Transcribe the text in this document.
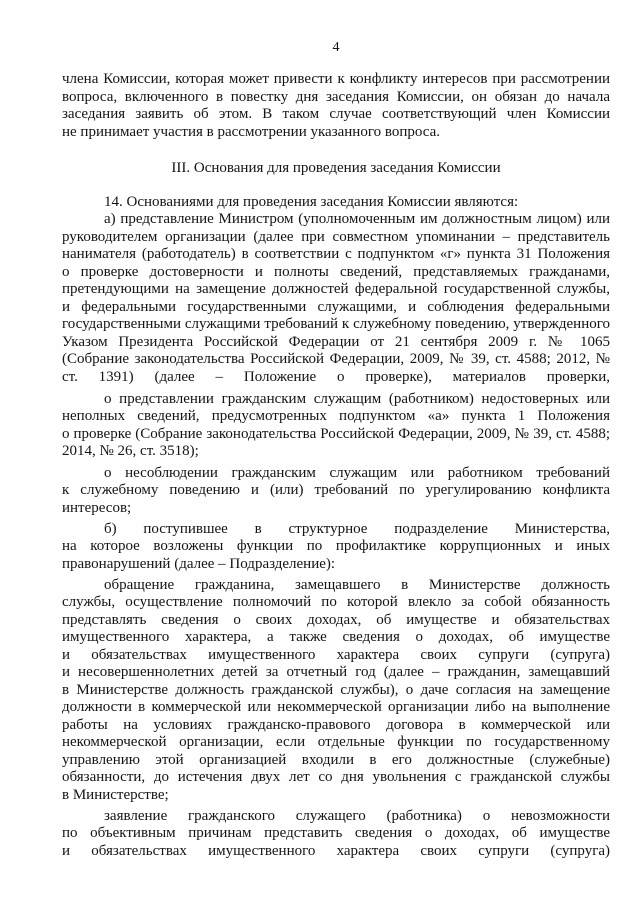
4
члена Комиссии, которая может привести к конфликту интересов при рассмотрении
вопроса, включенного в повестку дня заседания Комиссии, он обязан до начала
заседания заявить об этом. В таком случае соответствующий член Комиссии
не принимает участия в рассмотрении указанного вопроса.
III. Основания для проведения заседания Комиссии
14. Основаниями для проведения заседания Комиссии являются:
а) представление Министром (уполномоченным им должностным лицом) или
руководителем организации (далее при совместном упоминании – представитель
нанимателя (работодатель) в соответствии с подпунктом «г» пункта 31 Положения
о проверке достоверности и полноты сведений, представляемых гражданами,
претендующими на замещение должностей федеральной государственной службы,
и федеральными государственными служащими, и соблюдения федеральными
государственными служащими требований к служебному поведению, утвержденного
Указом Президента Российской Федерации от 21 сентября 2009 г. № 1065
(Собрание законодательства Российской Федерации, 2009, № 39, ст. 4588; 2012, №
ст. 1391) (далее – Положение о проверке), материалов проверки,
о представлении гражданским служащим (работником) недостоверных или
неполных сведений, предусмотренных подпунктом «а» пункта 1 Положения
о проверке (Собрание законодательства Российской Федерации, 2009, № 39, ст. 4588;
2014, № 26, ст. 3518);
о несоблюдении гражданским служащим или работником требований
к служебному поведению и (или) требований по урегулированию конфликта
интересов;
б) поступившее в структурное подразделение Министерства,
на которое возложены функции по профилактике коррупционных и иных
правонарушений (далее – Подразделение):
обращение гражданина, замещавшего в Министерстве должность
службы, осуществление полномочий по которой влекло за собой обязанность
представлять сведения о своих доходах, об имуществе и обязательствах
имущественного характера, а также сведения о доходах, об имуществе
и обязательствах имущественного характера своих супруги (супруга)
и несовершеннолетних детей за отчетный год (далее – гражданин, замещавший
в Министерстве должность гражданской службы), о даче согласия на замещение
должности в коммерческой или некоммерческой организации либо на выполнение
работы на условиях гражданско-правового договора в коммерческой или
некоммерческой организации, если отдельные функции по государственному
управлению этой организацией входили в его должностные (служебные)
обязанности, до истечения двух лет со дня увольнения с гражданской службы
в Министерстве;
заявление гражданского служащего (работника) о невозможности
по объективным причинам представить сведения о доходах, об имуществе
и обязательствах имущественного характера своих супруги (супруга)
